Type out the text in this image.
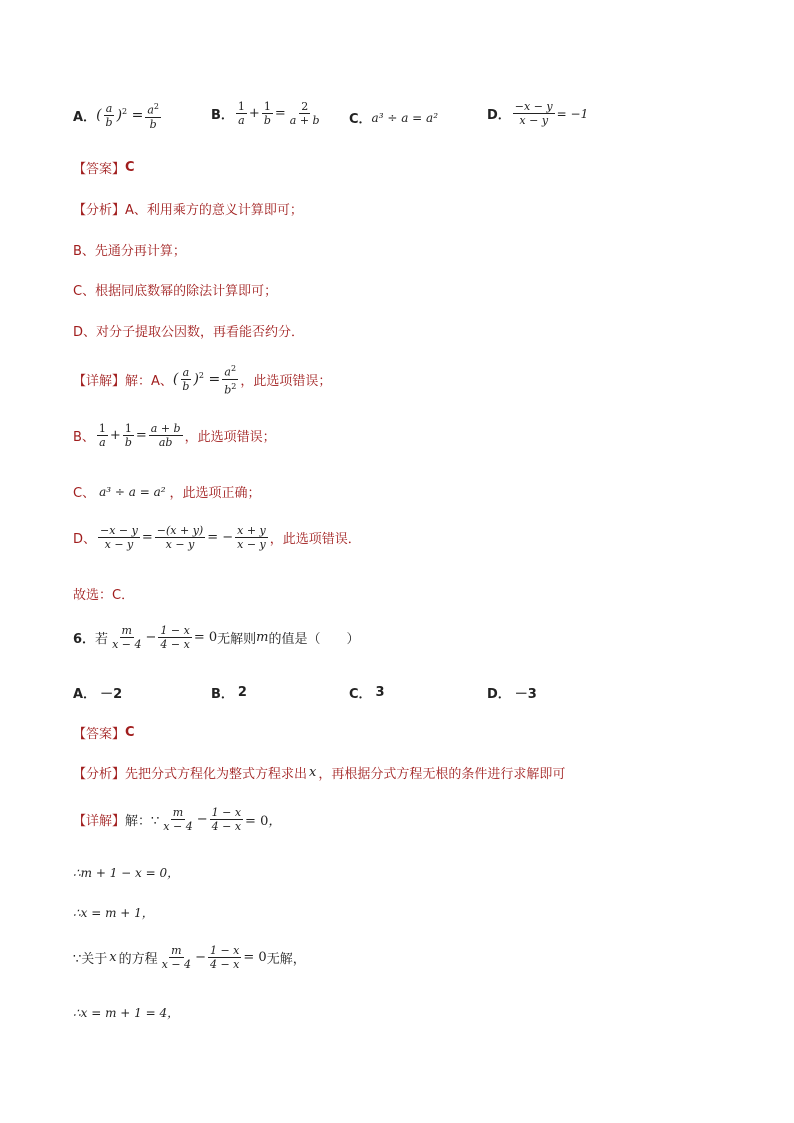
A． ( $\frac{a}{b} )^2 = \frac{a^2}{b}$	B． $\frac{1}{a} + \frac{1}{b} = \frac{2}{a + b}$ C． a³ ÷ a = a²	D． $\frac{-x - y}{x - y} = -1$
【答案】 C
【分析】 A、利用乘方的意义计算即可；
B、先通分再计算；
C、根据同底数幂的除法计算即可；
D、对分子提取公因数，再看能否约分．
【详解】 解：A、 ( $\frac{a}{b} )^2 = \frac{a^2}{b^2}$ ，此选项错误；
B、 $\frac{1}{a} + \frac{1}{b} = \frac{a + b}{ab}$ ，此选项错误；
C、 a³ ÷ a = a² ，此选项正确；
D、 $\frac{-x - y}{x - y} = \frac{-(x + y)}{x - y}$ = − $\frac{x + y}{x - y}$ ，此选项错误．
故选：C．
6． 若 $\frac{m}{x - 4} - \frac{1 - x}{4 - x} = 0$ 无解则 m 的值是（　　）
A． －2	B． 2	C． 3	D． －3
【答案】 C
【分析】 先把分式方程化为整式方程求出 x ，再根据分式方程无根的条件进行求解即可
【详解】 解：∵ $\frac{m}{x - 4} - \frac{1 - x}{4 - x} = 0$，
∴m + 1 − x = 0，
∴x = m + 1，
∵关于 x 的方程 $\frac{m}{x - 4} - \frac{1 - x}{4 - x} = 0$ 无解，
∴x = m + 1 = 4，
